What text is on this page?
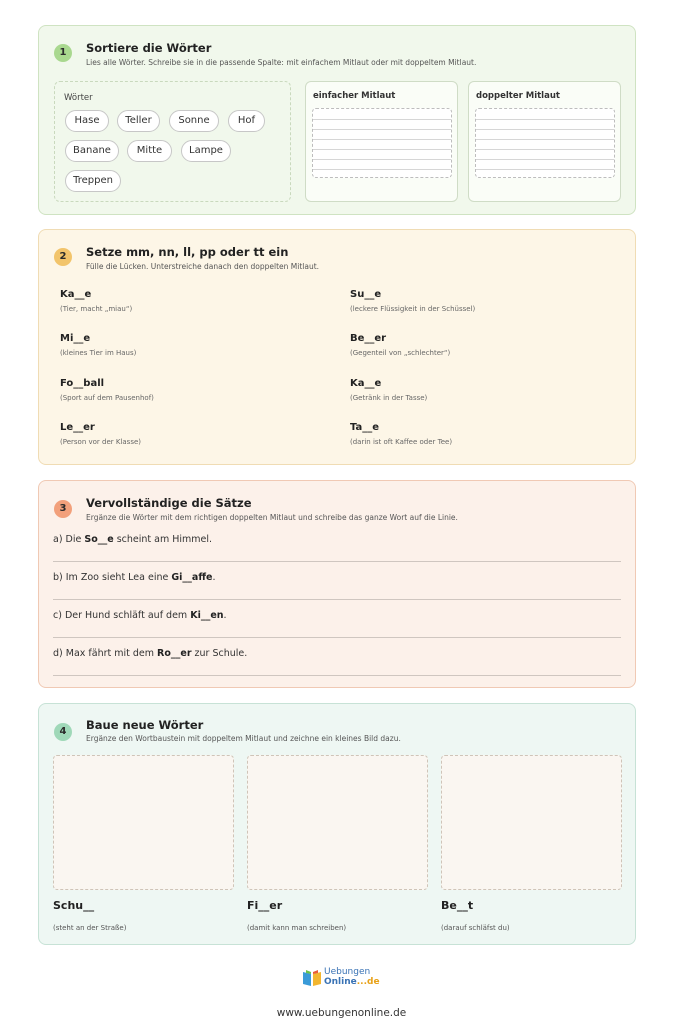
1	Sortiere die Wörter
Lies alle Wörter. Schreibe sie in die passende Spalte: mit einfachem Mitlaut oder mit doppeltem Mitlaut.
Wörter
Hase	Teller	Sonne	Hof
Banane	Mitte	Lampe
Treppen
einfacher Mitlaut	doppelter Mitlaut
2	Setze mm, nn, ll, pp oder tt ein
Fülle die Lücken. Unterstreiche danach den doppelten Mitlaut.
Ka__e
(Tier, macht „miau“)
Su__e
(leckere Flüssigkeit in der Schüssel)
Mi__e
(kleines Tier im Haus)
Be__er
(Gegenteil von „schlechter“)
Fo__ball
(Sport auf dem Pausenhof)
Ka__e
(Getränk in der Tasse)
Le__er
(Person vor der Klasse)
Ta__e
(darin ist oft Kaffee oder Tee)
3	Vervollständige die Sätze
Ergänze die Wörter mit dem richtigen doppelten Mitlaut und schreibe das ganze Wort auf die Linie.
a) Die So__e scheint am Himmel.
b) Im Zoo sieht Lea eine Gi__affe.
c) Der Hund schläft auf dem Ki__en.
d) Max fährt mit dem Ro__er zur Schule.
4	Baue neue Wörter
Ergänze den Wortbaustein mit doppeltem Mitlaut und zeichne ein kleines Bild dazu.
Schu__
(steht an der Straße)
Fi__er
(damit kann man schreiben)
Be__t
(darauf schläfst du)
Uebungen
Online...de
www.uebungenonline.de
